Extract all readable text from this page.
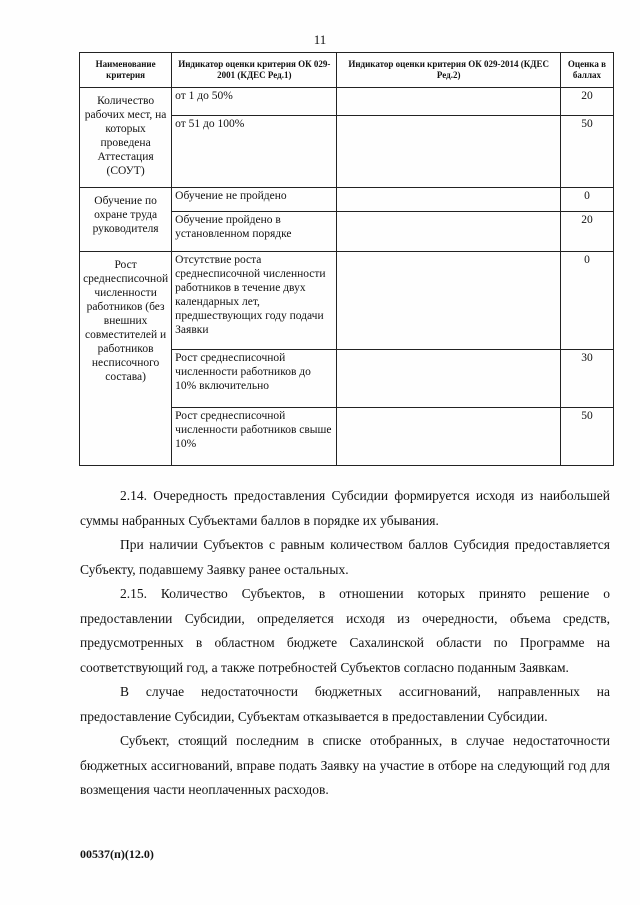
11
Наименование критерия	Индикатор оценки критерия ОК 029-2001 (КДЕС Ред.1)	Индикатор оценки критерия ОК 029-2014 (КДЕС Ред.2)	Оценка в баллах
Количество рабочих мест, на которых проведена Аттестация (СОУТ)	от 1 до 50%		20
	от 51 до 100%		50
Обучение по охране труда руководителя	Обучение не пройдено		0
	Обучение пройдено в установленном порядке		20
Рост среднесписочной численности работников (без внешних совместителей и работников несписочного состава)	Отсутствие роста среднесписочной численности работников в течение двух календарных лет, предшествующих году подачи Заявки		0
	Рост среднесписочной численности работников до 10% включительно		30
	Рост среднесписочной численности работников свыше 10%		50

2.14. Очередность предоставления Субсидии формируется исходя из наибольшей суммы набранных Субъектами баллов в порядке их убывания.

При наличии Субъектов с равным количеством баллов Субсидия предоставляется Субъекту, подавшему Заявку ранее остальных.

2.15. Количество Субъектов, в отношении которых принято решение о предоставлении Субсидии, определяется исходя из очередности, объема средств, предусмотренных в областном бюджете Сахалинской области по Программе на соответствующий год, а также потребностей Субъектов согласно поданным Заявкам.

В случае недостаточности бюджетных ассигнований, направленных на предоставление Субсидии, Субъектам отказывается в предоставлении Субсидии.

Субъект, стоящий последним в списке отобранных, в случае недостаточности бюджетных ассигнований, вправе подать Заявку на участие в отборе на следующий год для возмещения части неоплаченных расходов.

00537(п)(12.0)
